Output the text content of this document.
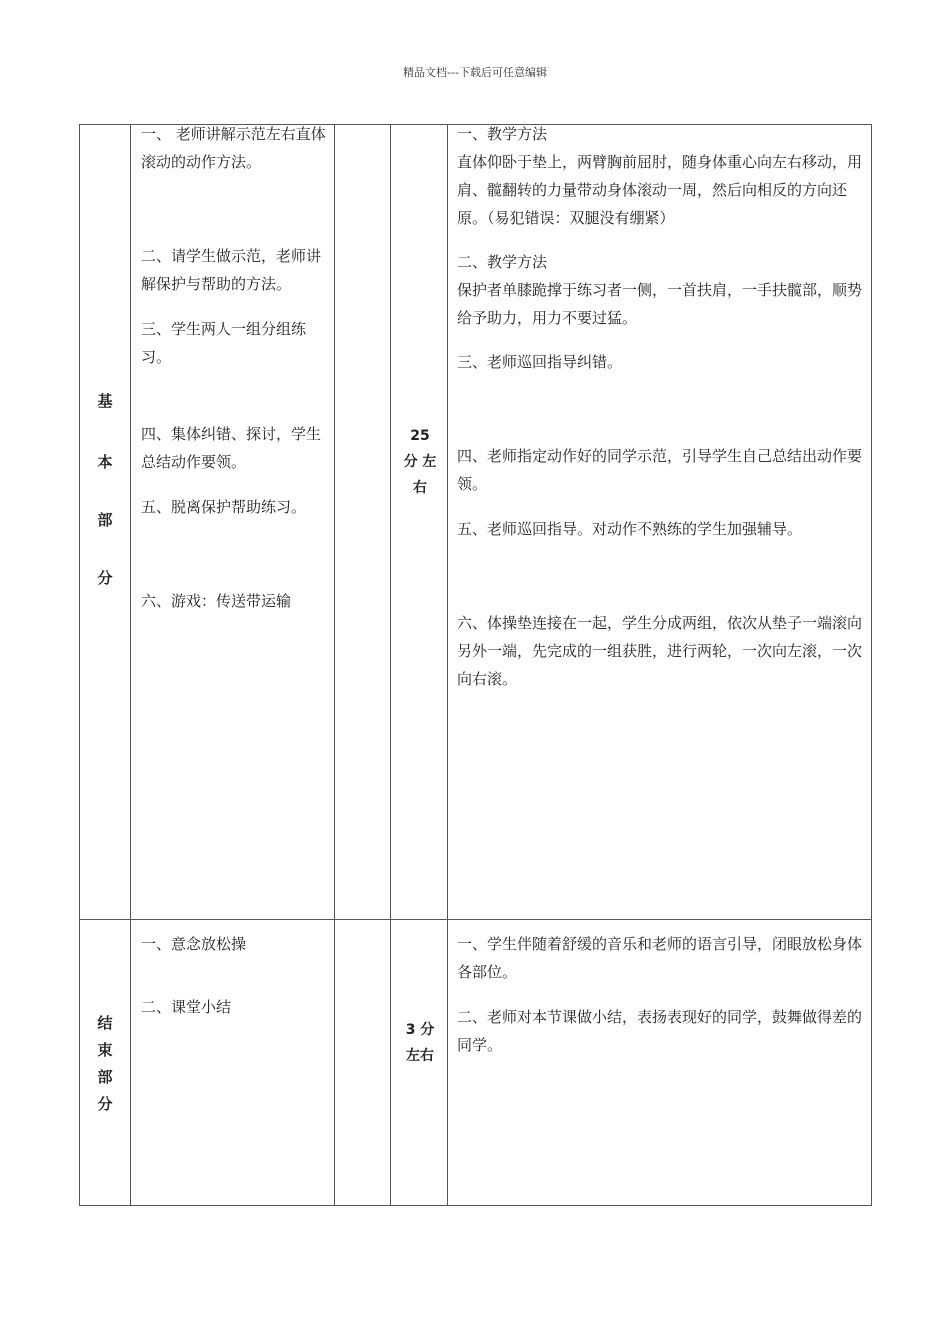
精品文档---下载后可任意编辑
基
本
部
分
25
分 左
右

一、 老师讲解示范左右直体滚动的动作方法。

二、请学生做示范，老师讲解保护与帮助的方法。

三、学生两人一组分组练习。

四、集体纠错、探讨，学生总结动作要领。

五、脱离保护帮助练习。

六、游戏：传送带运输

一、教学方法

直体仰卧于垫上，两臂胸前屈肘，随身体重心向左右移动，用肩、髋翻转的力量带动身体滚动一周，然后向相反的方向还原。（易犯错误：双腿没有绷紧）

二、教学方法

保护者单膝跪撑于练习者一侧，一首扶肩，一手扶髋部，顺势给予助力，用力不要过猛。

三、老师巡回指导纠错。

四、老师指定动作好的同学示范，引导学生自己总结出动作要领。

五、老师巡回指导。对动作不熟练的学生加强辅导。

六、体操垫连接在一起，学生分成两组，依次从垫子一端滚向另外一端，先完成的一组获胜，进行两轮，一次向左滚，一次向右滚。

结
束
部
分
3 分
左右

一、意念放松操

二、课堂小结

一、学生伴随着舒缓的音乐和老师的语言引导，闭眼放松身体各部位。

二、老师对本节课做小结，表扬表现好的同学，鼓舞做得差的同学。
